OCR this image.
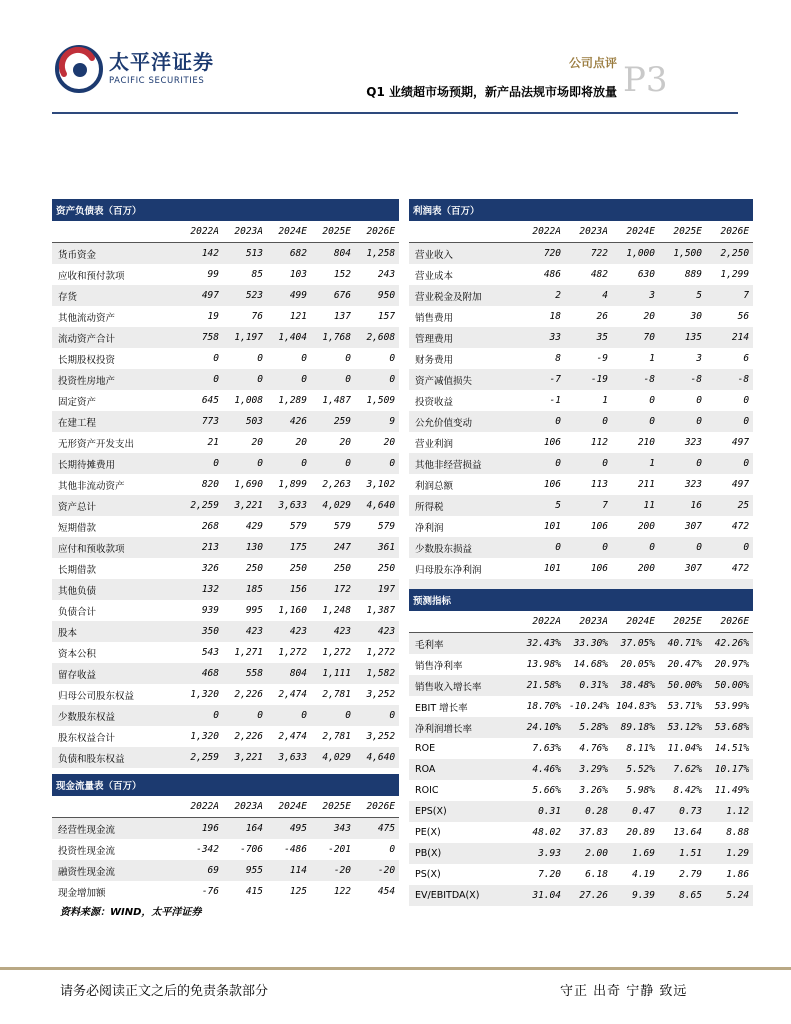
太平洋证券
PACIFIC SECURITIES
公司点评
Q1 业绩超市场预期，新产品法规市场即将放量 P3
资产负债表（百万）					
	2022A	2023A	2024E	2025E	2026E
货币资金	142	513	682	804	1,258
应收和预付款项	99	85	103	152	243
存货	497	523	499	676	950
其他流动资产	19	76	121	137	157
流动资产合计	758	1,197	1,404	1,768	2,608
长期股权投资	0	0	0	0	0
投资性房地产	0	0	0	0	0
固定资产	645	1,008	1,289	1,487	1,509
在建工程	773	503	426	259	9
无形资产开发支出	21	20	20	20	20
长期待摊费用	0	0	0	0	0
其他非流动资产	820	1,690	1,899	2,263	3,102
资产总计	2,259	3,221	3,633	4,029	4,640
短期借款	268	429	579	579	579
应付和预收款项	213	130	175	247	361
长期借款	326	250	250	250	250
其他负债	132	185	156	172	197
负债合计	939	995	1,160	1,248	1,387
股本	350	423	423	423	423
资本公积	543	1,271	1,272	1,272	1,272
留存收益	468	558	804	1,111	1,582
归母公司股东权益	1,320	2,226	2,474	2,781	3,252
少数股东权益	0	0	0	0	0
股东权益合计	1,320	2,226	2,474	2,781	3,252
负债和股东权益	2,259	3,221	3,633	4,029	4,640
现金流量表（百万）					
	2022A	2023A	2024E	2025E	2026E
经营性现金流	196	164	495	343	475
投资性现金流	-342	-706	-486	-201	0
融资性现金流	69	955	114	-20	-20
现金增加额	-76	415	125	122	454
利润表（百万）					
	2022A	2023A	2024E	2025E	2026E
营业收入	720	722	1,000	1,500	2,250
营业成本	486	482	630	889	1,299
营业税金及附加	2	4	3	5	7
销售费用	18	26	20	30	56
管理费用	33	35	70	135	214
财务费用	8	-9	1	3	6
资产减值损失	-7	-19	-8	-8	-8
投资收益	-1	1	0	0	0
公允价值变动	0	0	0	0	0
营业利润	106	112	210	323	497
其他非经营损益	0	0	1	0	0
利润总额	106	113	211	323	497
所得税	5	7	11	16	25
净利润	101	106	200	307	472
少数股东损益	0	0	0	0	0
归母股东净利润	101	106	200	307	472

预测指标					
	2022A	2023A	2024E	2025E	2026E
毛利率	32.43%	33.30%	37.05%	40.71%	42.26%
销售净利率	13.98%	14.68%	20.05%	20.47%	20.97%
销售收入增长率	21.58%	0.31%	38.48%	50.00%	50.00%
EBIT 增长率	18.70%	-10.24%	104.83%	53.71%	53.99%
净利润增长率	24.10%	5.28%	89.18%	53.12%	53.68%
ROE	7.63%	4.76%	8.11%	11.04%	14.51%
ROA	4.46%	3.29%	5.52%	7.62%	10.17%
ROIC	5.66%	3.26%	5.98%	8.42%	11.49%
EPS(X)	0.31	0.28	0.47	0.73	1.12
PE(X)	48.02	37.83	20.89	13.64	8.88
PB(X)	3.93	2.00	1.69	1.51	1.29
PS(X)	7.20	6.18	4.19	2.79	1.86
EV/EBITDA(X)	31.04	27.26	9.39	8.65	5.24
资料来源：WIND，太平洋证券
请务必阅读正文之后的免责条款部分	守正 出奇 宁静 致远
